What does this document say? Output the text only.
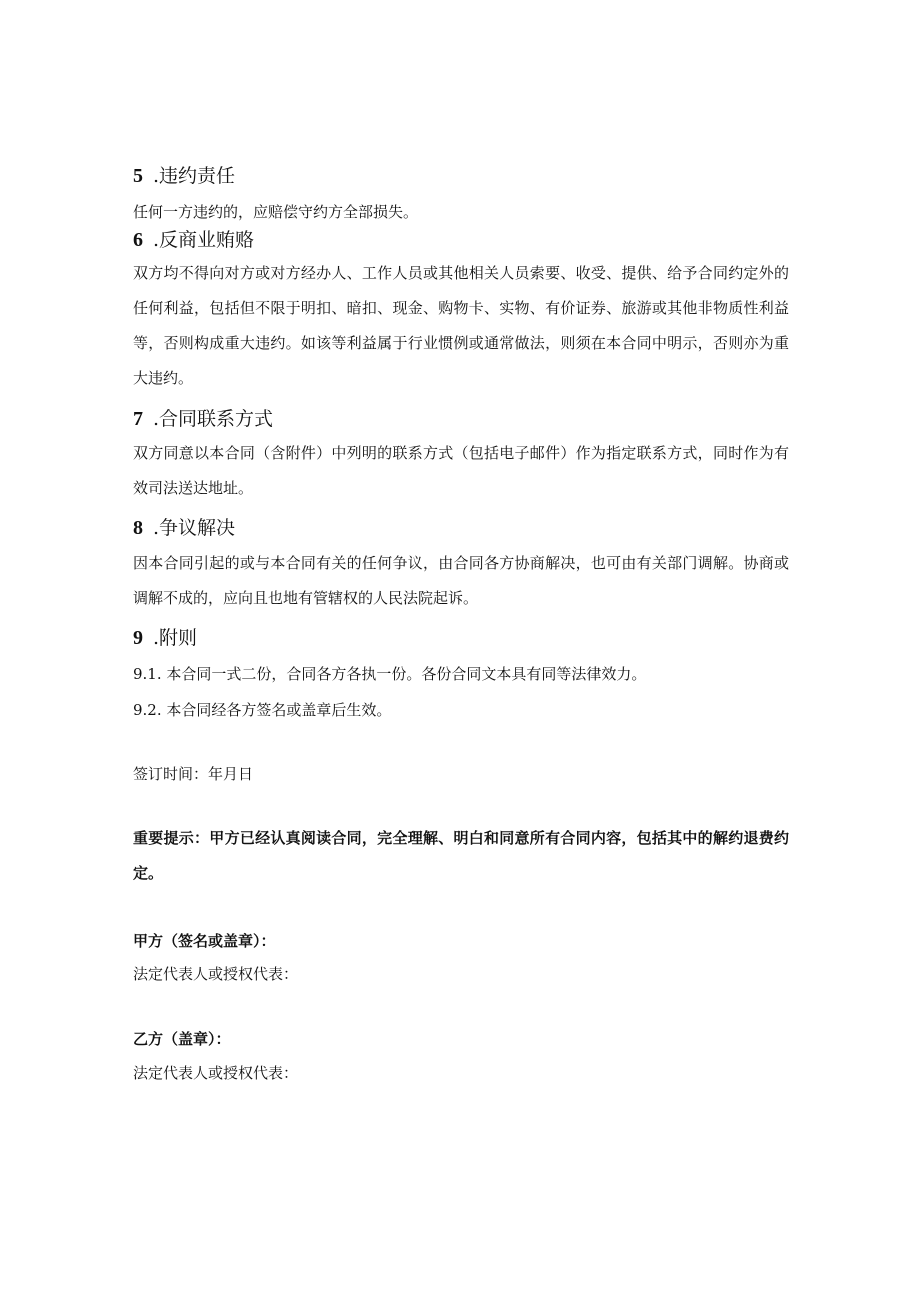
5 .违约责任
任何一方违约的，应赔偿守约方全部损失。
6 .反商业贿赂

双方均不得向对方或对方经办人、工作人员或其他相关人员索要、收受、提供、给予合同约定外的任何利益，包括但不限于明扣、暗扣、现金、购物卡、实物、有价证券、旅游或其他非物质性利益等，否则构成重大违约。如该等利益属于行业惯例或通常做法，则须在本合同中明示，否则亦为重大违约。

7 .合同联系方式

双方同意以本合同（含附件）中列明的联系方式（包括电子邮件）作为指定联系方式，同时作为有效司法送达地址。

8 .争议解决

因本合同引起的或与本合同有关的任何争议，由合同各方协商解决，也可由有关部门调解。协商或调解不成的，应向且也地有管辖权的人民法院起诉。

9 .附则
9.1. 本合同一式二份，合同各方各执一份。各份合同文本具有同等法律效力。
9.2. 本合同经各方签名或盖章后生效。
签订时间：年月日

重要提示：甲方已经认真阅读合同，完全理解、明白和同意所有合同内容，包括其中的解约退费约定。

甲方（签名或盖章）：
法定代表人或授权代表：
乙方（盖章）：
法定代表人或授权代表：
